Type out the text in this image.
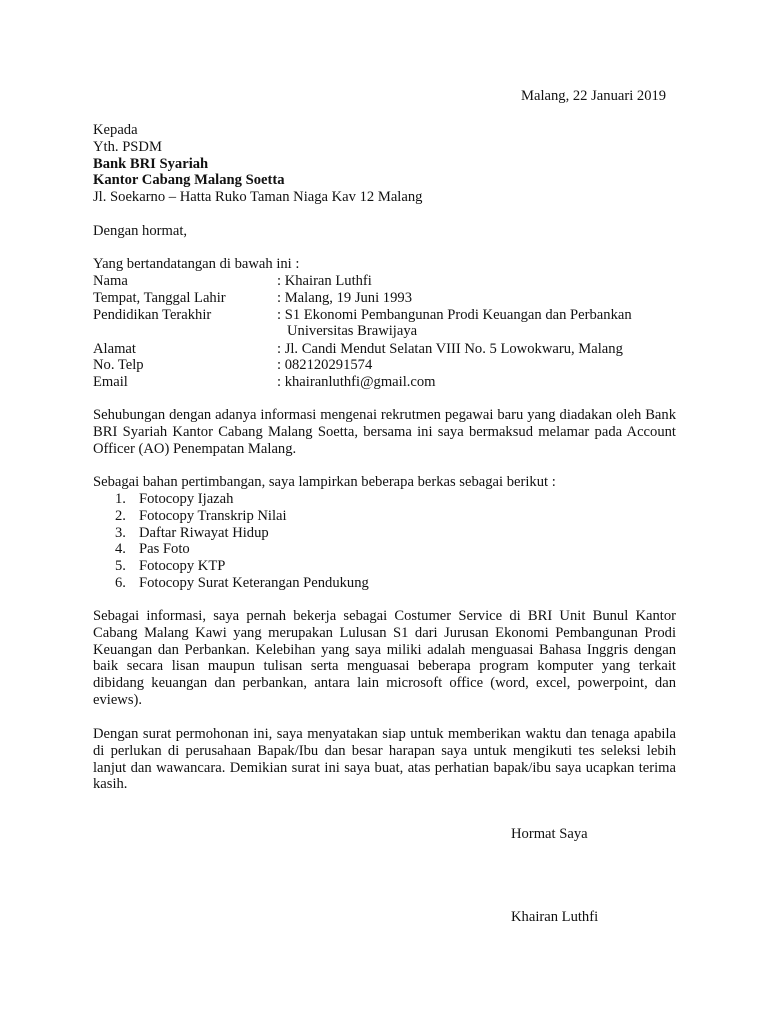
Malang, 22 Januari 2019
Kepada
Yth. PSDM
Bank BRI Syariah
Kantor Cabang Malang Soetta
Jl. Soekarno – Hatta Ruko Taman Niaga Kav 12 Malang
Dengan hormat,
Yang bertandatangan di bawah ini :
Nama	: Khairan Luthfi
Tempat, Tanggal Lahir	: Malang, 19 Juni 1993
Pendidikan Terakhir	: S1 Ekonomi Pembangunan Prodi Keuangan dan Perbankan
Universitas Brawijaya
Alamat	: Jl. Candi Mendut Selatan VIII No. 5 Lowokwaru, Malang
No. Telp	: 082120291574
Email	: khairanluthfi@gmail.com
Sehubungan dengan adanya informasi mengenai rekrutmen pegawai baru yang diadakan oleh Bank BRI Syariah Kantor Cabang Malang Soetta, bersama ini saya bermaksud melamar pada Account Officer (AO) Penempatan Malang.
Sebagai bahan pertimbangan, saya lampirkan beberapa berkas sebagai berikut :
1. Fotocopy Ijazah
2. Fotocopy Transkrip Nilai
3. Daftar Riwayat Hidup
4. Pas Foto
5. Fotocopy KTP
6. Fotocopy Surat Keterangan Pendukung
Sebagai informasi, saya pernah bekerja sebagai Costumer Service di BRI Unit Bunul Kantor Cabang Malang Kawi yang merupakan Lulusan S1 dari Jurusan Ekonomi Pembangunan Prodi Keuangan dan Perbankan. Kelebihan yang saya miliki adalah menguasai Bahasa Inggris dengan baik secara lisan maupun tulisan serta menguasai beberapa program komputer yang terkait dibidang keuangan dan perbankan, antara lain microsoft office (word, excel, powerpoint, dan eviews).
Dengan surat permohonan ini, saya menyatakan siap untuk memberikan waktu dan tenaga apabila di perlukan di perusahaan Bapak/Ibu dan besar harapan saya untuk mengikuti tes seleksi lebih lanjut dan wawancara. Demikian surat ini saya buat, atas perhatian bapak/ibu saya ucapkan terima kasih.
Hormat Saya
Khairan Luthfi
